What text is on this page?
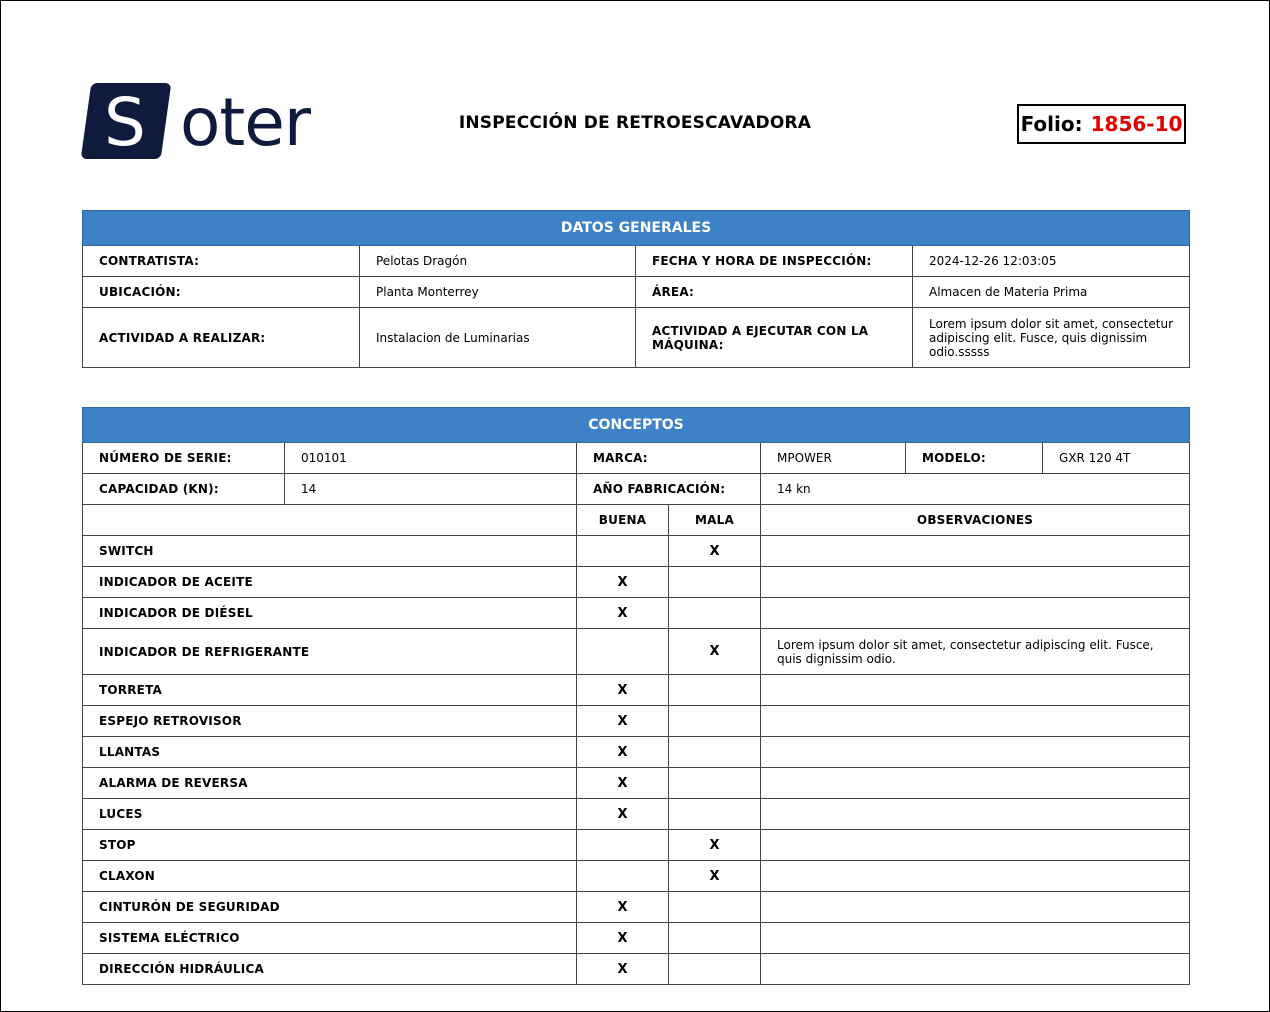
S oter	INSPECCIÓN DE RETROESCAVADORA	Folio: 1856-10
DATOS GENERALES			
CONTRATISTA:	Pelotas Dragón	FECHA Y HORA DE INSPECCIÓN:	2024-12-26 12:03:05
UBICACIÓN:	Planta Monterrey	ÁREA:	Almacen de Materia Prima
ACTIVIDAD A REALIZAR:	Instalacion de Luminarias	ACTIVIDAD A EJECUTAR CON LA MÁQUINA:	Lorem ipsum dolor sit amet, consectetur adipiscing elit. Fusce, quis dignissim odio.sssss
CONCEPTOS						
NÚMERO DE SERIE:	010101	MARCA:		MPOWER	MODELO:	GXR 120 4T
CAPACIDAD (KN):	14	AÑO FABRICACIÓN:		14 kn		
		BUENA	MALA	OBSERVACIONES		
SWITCH			X			
INDICADOR DE ACEITE		X				
INDICADOR DE DIÉSEL		X				
INDICADOR DE REFRIGERANTE			X	Lorem ipsum dolor sit amet, consectetur adipiscing elit. Fusce, quis dignissim odio.		
TORRETA		X				
ESPEJO RETROVISOR		X				
LLANTAS		X				
ALARMA DE REVERSA		X				
LUCES		X				
STOP			X			
CLAXON			X			
CINTURÓN DE SEGURIDAD		X				
SISTEMA ELÉCTRICO		X				
DIRECCIÓN HIDRÁULICA		X				
